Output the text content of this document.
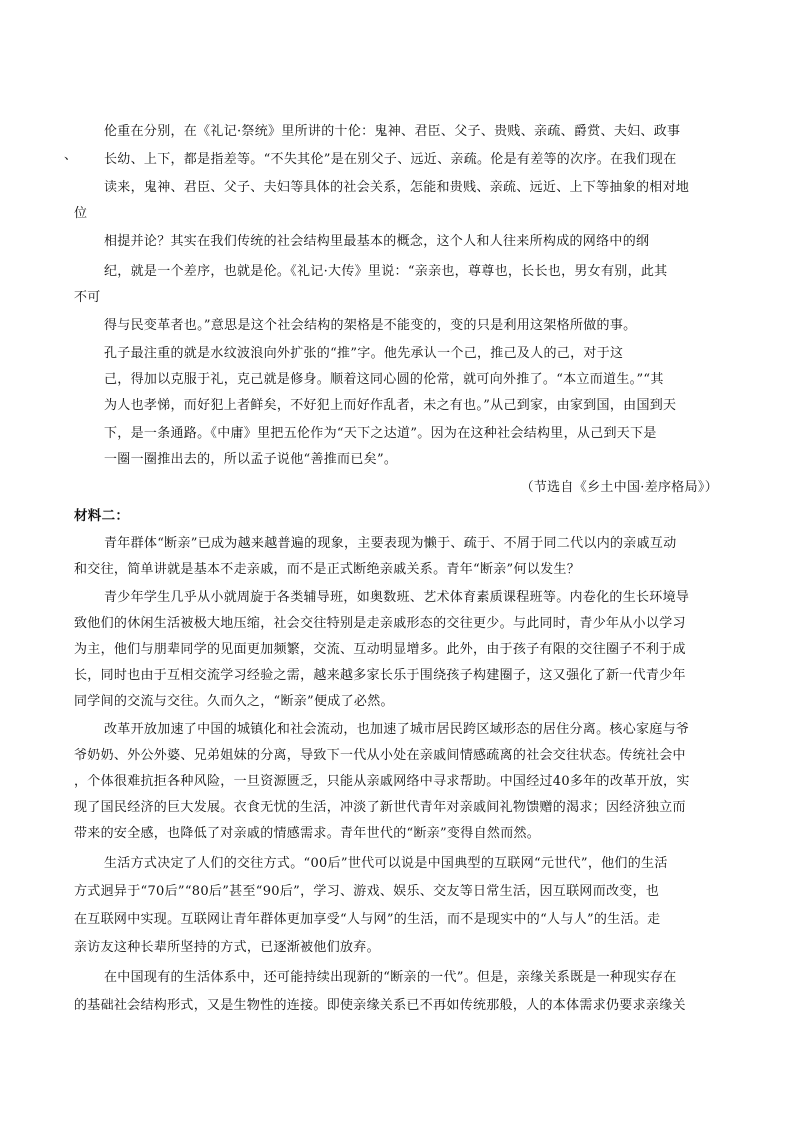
伦重在分别，在《礼记·祭统》里所讲的十伦：鬼神、君臣、父子、贵贱、亲疏、爵赏、夫妇、政事
、 长幼、上下，都是指差等。“不失其伦”是在别父子、远近、亲疏。伦是有差等的次序。在我们现在
读来，鬼神、君臣、父子、夫妇等具体的社会关系，怎能和贵贱、亲疏、远近、上下等抽象的相对地
位
相提并论？其实在我们传统的社会结构里最基本的概念，这个人和人往来所构成的网络中的纲
纪，就是一个差序，也就是伦。《礼记·大传》里说：“亲亲也，尊尊也，长长也，男女有别，此其
不可
得与民变革者也。”意思是这个社会结构的架格是不能变的，变的只是利用这架格所做的事。
孔子最注重的就是水纹波浪向外扩张的“推”字。他先承认一个己，推己及人的己，对于这
己，得加以克服于礼，克己就是修身。顺着这同心圆的伦常，就可向外推了。“本立而道生。”“其
为人也孝悌，而好犯上者鲜矣，不好犯上而好作乱者，未之有也。”从己到家，由家到国，由国到天
下，是一条通路。《中庸》里把五伦作为“天下之达道”。因为在这种社会结构里，从己到天下是
一圈一圈推出去的，所以孟子说他“善推而已矣”。
（节选自《乡土中国·差序格局》）
材料二：
青年群体“断亲”已成为越来越普遍的现象，主要表现为懒于、疏于、不屑于同二代以内的亲戚互动
和交往，简单讲就是基本不走亲戚，而不是正式断绝亲戚关系。青年“断亲”何以发生？
青少年学生几乎从小就周旋于各类辅导班，如奥数班、艺术体育素质课程班等。内卷化的生长环境导
致他们的休闲生活被极大地压缩，社会交往特别是走亲戚形态的交往更少。与此同时，青少年从小以学习
为主，他们与朋辈同学的见面更加频繁，交流、互动明显增多。此外，由于孩子有限的交往圈子不利于成
长，同时也由于互相交流学习经验之需，越来越多家长乐于围绕孩子构建圈子，这又强化了新一代青少年
同学间的交流与交往。久而久之，“断亲”便成了必然。
改革开放加速了中国的城镇化和社会流动，也加速了城市居民跨区域形态的居住分离。核心家庭与爷
爷奶奶、外公外婆、兄弟姐妹的分离，导致下一代从小处在亲戚间情感疏离的社会交往状态。传统社会中
，个体很难抗拒各种风险，一旦资源匮乏，只能从亲戚网络中寻求帮助。中国经过40多年的改革开放，实
现了国民经济的巨大发展。衣食无忧的生活，冲淡了新世代青年对亲戚间礼物馈赠的渴求；因经济独立而
带来的安全感，也降低了对亲戚的情感需求。青年世代的“断亲”变得自然而然。
生活方式决定了人们的交往方式。“00后”世代可以说是中国典型的互联网“元世代”，他们的生活
方式迥异于“70后”“80后”甚至“90后”，学习、游戏、娱乐、交友等日常生活，因互联网而改变，也
在互联网中实现。互联网让青年群体更加享受“人与网”的生活，而不是现实中的“人与人”的生活。走
亲访友这种长辈所坚持的方式，已逐渐被他们放弃。
在中国现有的生活体系中，还可能持续出现新的“断亲的一代”。但是，亲缘关系既是一种现实存在
的基础社会结构形式，又是生物性的连接。即使亲缘关系已不再如传统那般，人的本体需求仍要求亲缘关
